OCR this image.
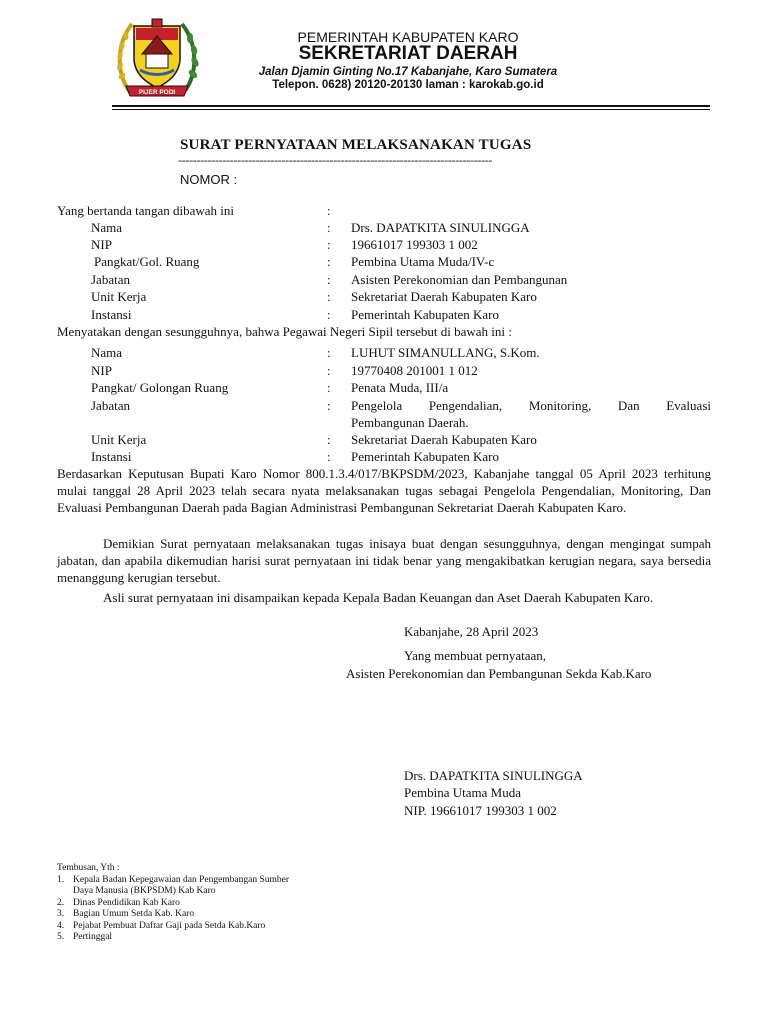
PIJER PODI
PEMERINTAH KABUPATEN KARO
SEKRETARIAT DAERAH
Jalan Djamin Ginting No.17 Kabanjahe, Karo Sumatera
Telepon. 0628) 20120-20130 laman : karokab.go.id
SURAT PERNYATAAN MELAKSANAKAN TUGAS
-------------------------------------------------------------------------------------
NOMOR :
Yang bertanda tangan dibawah ini	:
Nama	: Drs. DAPATKITA SINULINGGA
NIP	: 19661017 199303 1 002
Pangkat/Gol. Ruang	: Pembina Utama Muda/IV-c
Jabatan	: Asisten Perekonomian dan Pembangunan
Unit Kerja	: Sekretariat Daerah Kabupaten Karo
Instansi	: Pemerintah Kabupaten Karo
Menyatakan dengan sesungguhnya, bahwa Pegawai Negeri Sipil tersebut di bawah ini :
Nama	: LUHUT SIMANULLANG, S.Kom.
NIP	: 19770408 201001 1 012
Pangkat/ Golongan Ruang	: Penata Muda, III/a
Jabatan	: Pengelola Pengendalian, Monitoring, Dan Evaluasi
Pembangunan Daerah.
Unit Kerja	: Sekretariat Daerah Kabupaten Karo
Instansi	: Pemerintah Kabupaten Karo
Berdasarkan Keputusan Bupati Karo Nomor 800.1.3.4/017/BKPSDM/2023, Kabanjahe tanggal 05 April 2023 terhitung mulai tanggal 28 April 2023 telah secara nyata melaksanakan tugas sebagai Pengelola Pengendalian, Monitoring, Dan Evaluasi Pembangunan Daerah pada Bagian Administrasi Pembangunan Sekretariat Daerah Kabupaten Karo.
Demikian Surat pernyataan melaksanakan tugas inisaya buat dengan sesungguhnya, dengan mengingat sumpah jabatan, dan apabila dikemudian harisi surat pernyataan ini tidak benar yang mengakibatkan kerugian negara, saya bersedia menanggung kerugian tersebut.
Asli surat pernyataan ini disampaikan kepada Kepala Badan Keuangan dan Aset Daerah Kabupaten Karo.
Kabanjahe, 28 April 2023
Yang membuat pernyataan,
Asisten Perekonomian dan Pembangunan Sekda Kab.Karo
Drs. DAPATKITA SINULINGGA
Pembina Utama Muda
NIP. 19661017 199303 1 002
Tembusan, Yth :
1. Kepala Badan Kepegawaian dan Pengembangan Sumber
Daya Manusia (BKPSDM) Kab Karo
2. Dinas Pendidikan Kab Karo
3. Bagian Umum Setda Kab. Karo
4. Pejabat Pembuat Daftar Gaji pada Setda Kab.Karo
5. Pertinggal
